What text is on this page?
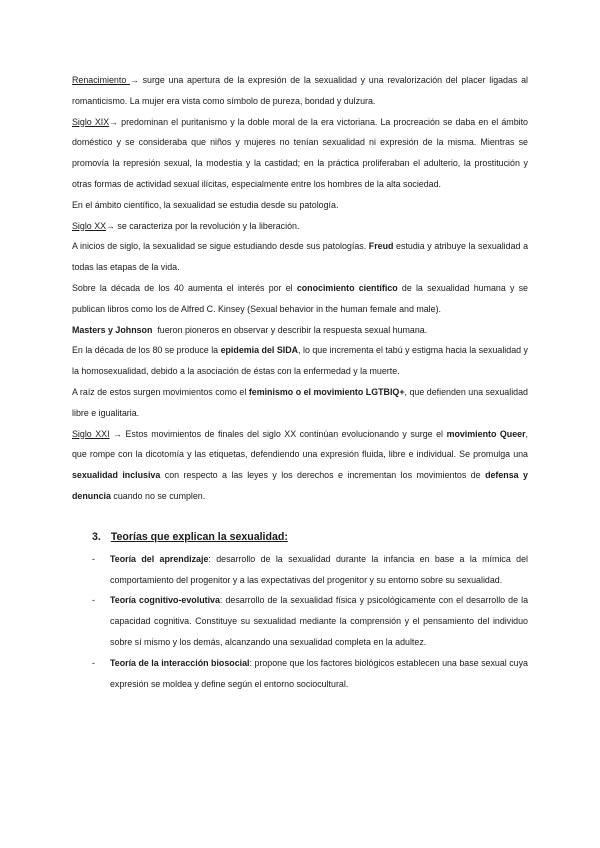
Renacimiento → surge una apertura de la expresión de la sexualidad y una revalorización del placer ligadas al romanticismo. La mujer era vista como símbolo de pureza, bondad y dulzura.

Siglo XIX→ predominan el puritanismo y la doble moral de la era victoriana. La procreación se daba en el ámbito doméstico y se consideraba que niños y mujeres no tenían sexualidad ni expresión de la misma. Mientras se promovía la represión sexual, la modestia y la castidad; en la práctica proliferaban el adulterio, la prostitución y otras formas de actividad sexual ilícitas, especialmente entre los hombres de la alta sociedad.

En el ámbito científico, la sexualidad se estudia desde su patología.

Siglo XX→ se caracteriza por la revolución y la liberación.

A inicios de siglo, la sexualidad se sigue estudiando desde sus patologías. Freud estudia y atribuye la sexualidad a todas las etapas de la vida.

Sobre la década de los 40 aumenta el interés por el conocimiento científico de la sexualidad humana y se publican libros como los de Alfred C. Kinsey (Sexual behavior in the human female and male).

Masters y Johnson  fueron pioneros en observar y describir la respuesta sexual humana.

En la década de los 80 se produce la epidemia del SIDA, lo que incrementa el tabú y estigma hacia la sexualidad y la homosexualidad, debido a la asociación de éstas con la enfermedad y la muerte.

A raíz de estos surgen movimientos como el feminismo o el movimiento LGTBIQ+, que defienden una sexualidad libre e igualitaria.

Siglo XXI → Estos movimientos de finales del siglo XX continúan evolucionando y surge el movimiento Queer, que rompe con la dicotomía y las etiquetas, defendiendo una expresión fluida, libre e individual. Se promulga una sexualidad inclusiva con respecto a las leyes y los derechos e incrementan los movimientos de defensa y denuncia cuando no se cumplen.

3. Teorías que explican la sexualidad:
-	Teoría del aprendizaje: desarrollo de la sexualidad durante la infancia en base a la mímica del comportamiento del progenitor y a las expectativas del progenitor y su entorno sobre su sexualidad.
-	Teoría cognitivo-evolutiva: desarrollo de la sexualidad física y psicológicamente con el desarrollo de la capacidad cognitiva. Constituye su sexualidad mediante la comprensión y el pensamiento del individuo sobre sí mismo y los demás, alcanzando una sexualidad completa en la adultez.
-	Teoría de la interacción biosocial: propone que los factores biológicos establecen una base sexual cuya expresión se moldea y define según el entorno sociocultural.
